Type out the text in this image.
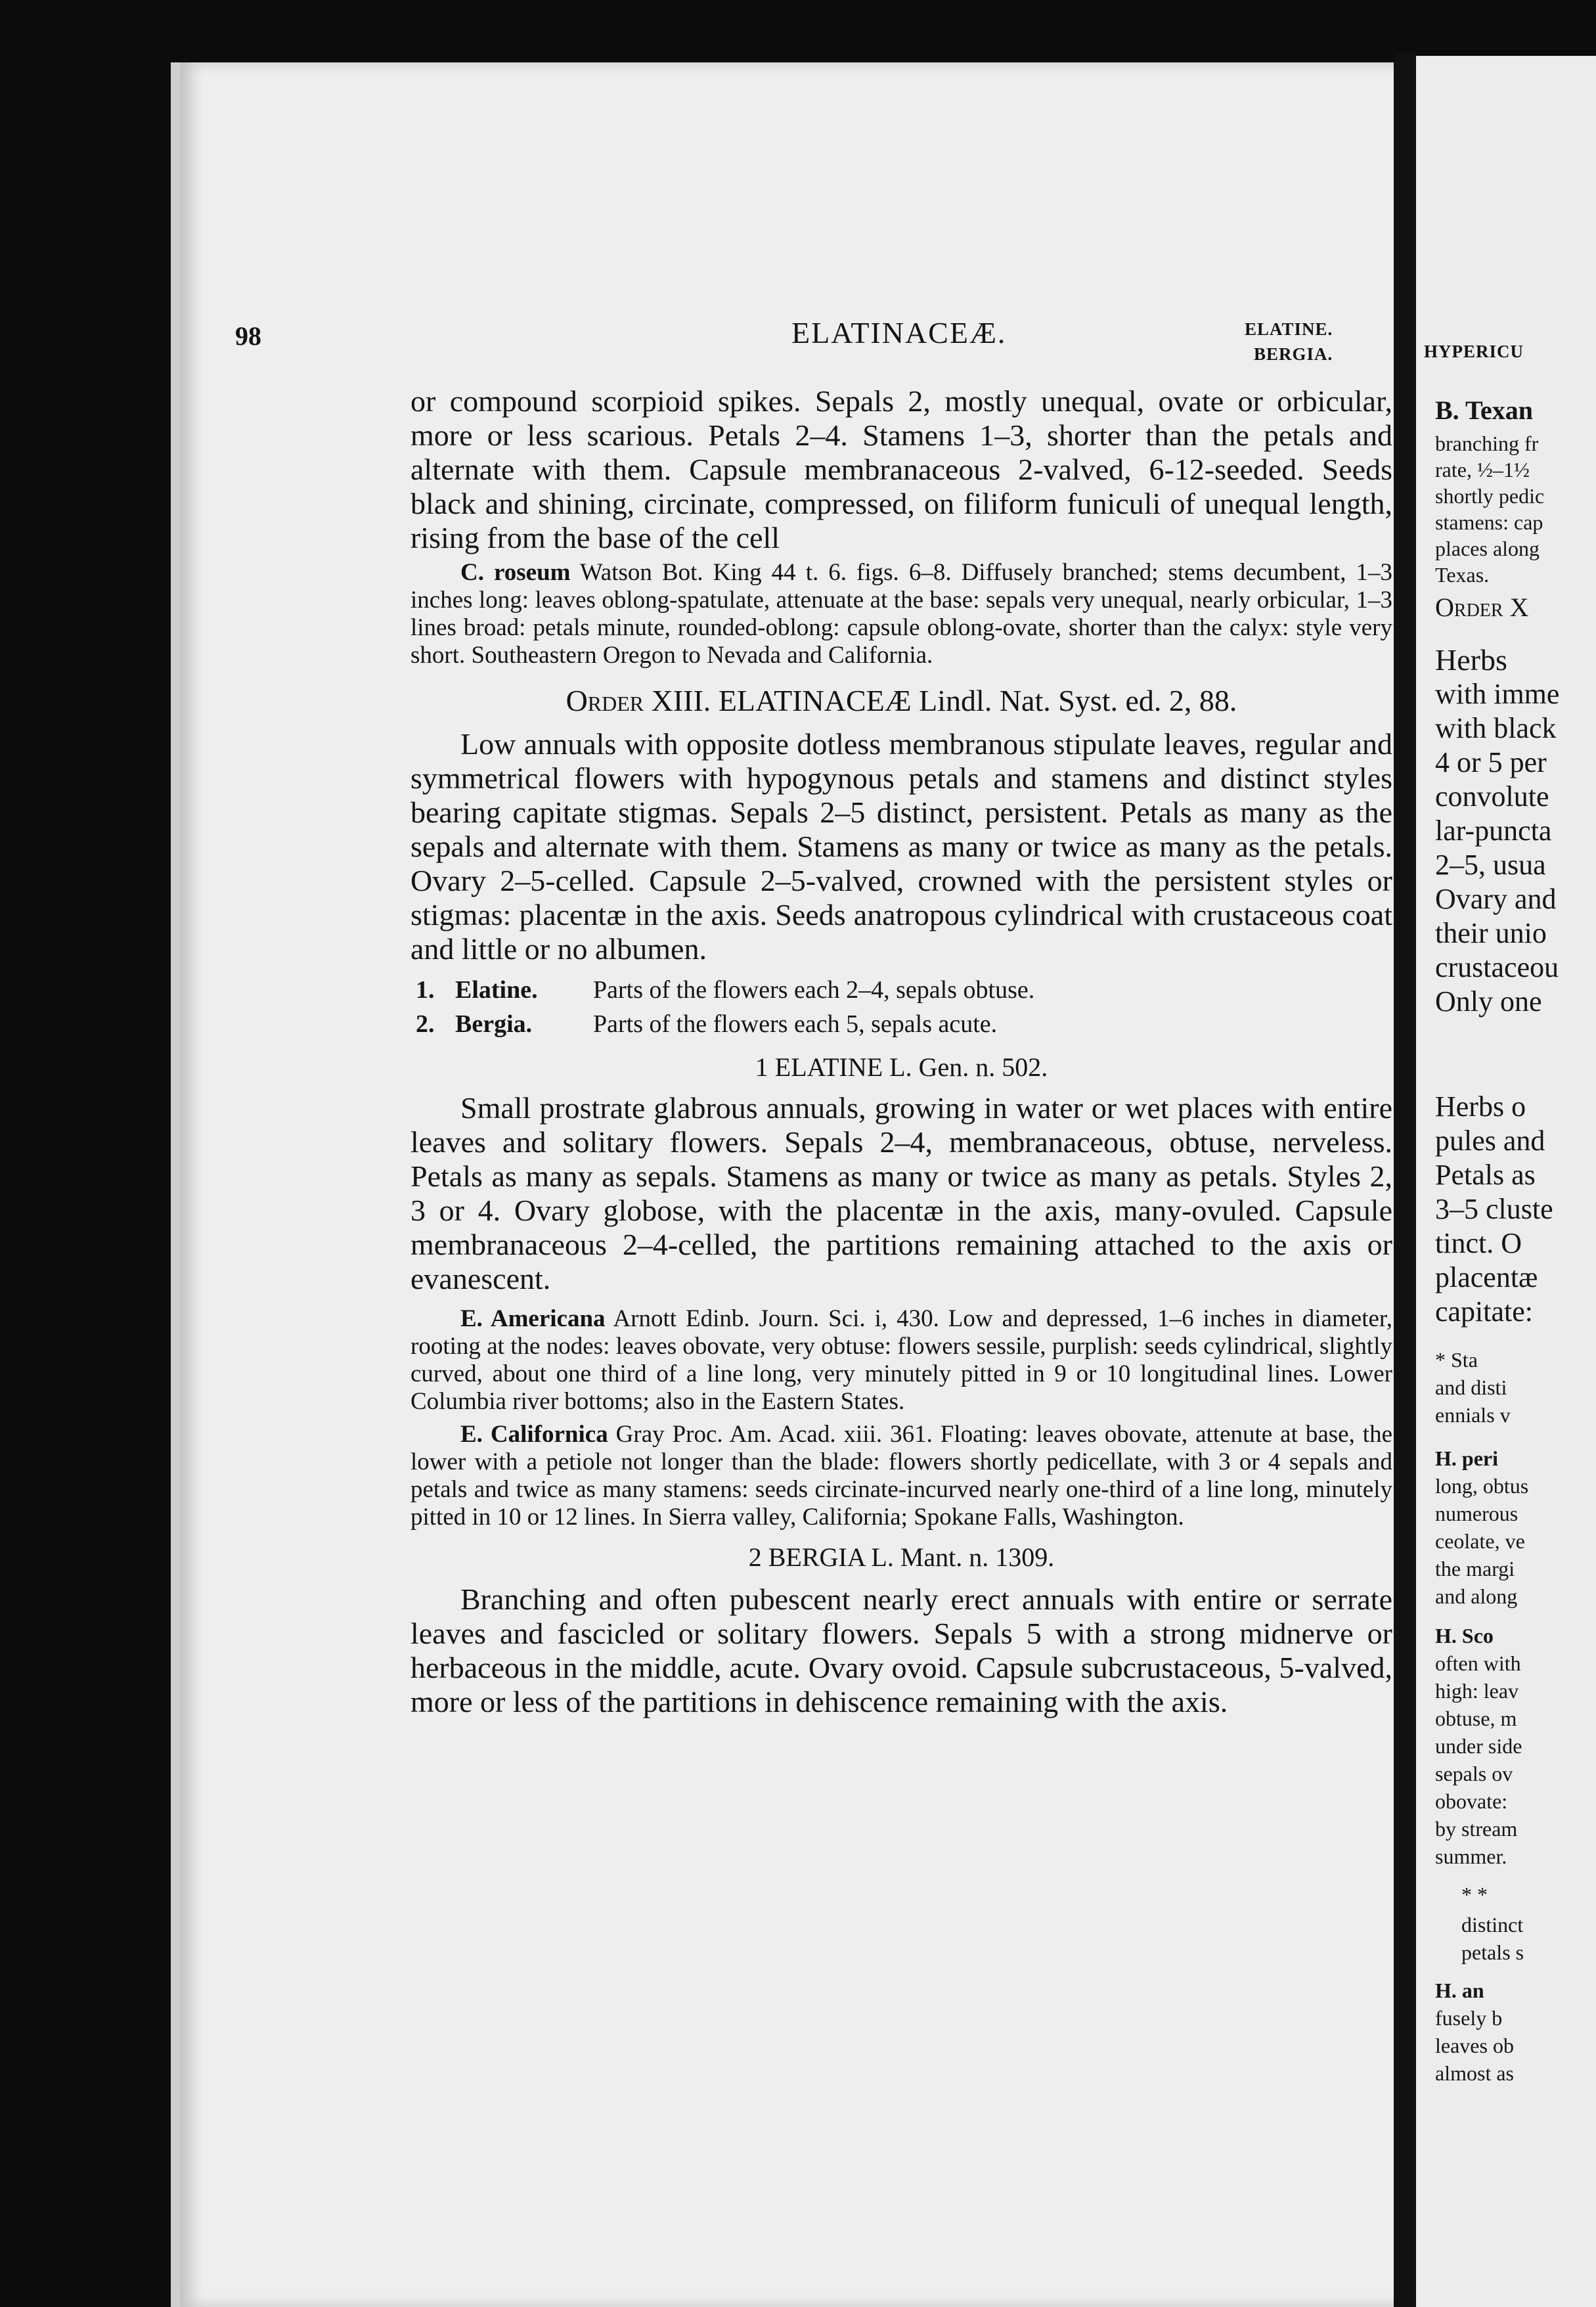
98	ELATINACEÆ.	ELATINE.
BERGIA.

or compound scorpioid spikes. Sepals 2, mostly unequal, ovate or orbicular, more or less scarious. Petals 2–4. Stamens 1–3, shorter than the petals and alternate with them. Capsule membranaceous 2-valved, 6-12-seeded. Seeds black and shining, circinate, compressed, on filiform funiculi of unequal length, rising from the base of the cell

C. roseum Watson Bot. King 44 t. 6. figs. 6–8. Diffusely branched; stems decumbent, 1–3 inches long: leaves oblong-spatulate, attenuate at the base: sepals very unequal, nearly orbicular, 1–3 lines broad: petals minute, rounded-oblong: capsule oblong-ovate, shorter than the calyx: style very short. Southeastern Oregon to Nevada and California.

Order XIII. ELATINACEÆ Lindl. Nat. Syst. ed. 2, 88.

Low annuals with opposite dotless membranous stipulate leaves, regular and symmetrical flowers with hypogynous petals and stamens and distinct styles bearing capitate stigmas. Sepals 2–5 distinct, persistent. Petals as many as the sepals and alternate with them. Stamens as many or twice as many as the petals. Ovary 2–5-celled. Capsule 2–5-valved, crowned with the persistent styles or stigmas: placentæ in the axis. Seeds anatropous cylindrical with crustaceous coat and little or no albumen.

1. Elatine. Parts of the flowers each 2–4, sepals obtuse.

2. Bergia. Parts of the flowers each 5, sepals acute.

1 ELATINE L. Gen. n. 502.

Small prostrate glabrous annuals, growing in water or wet places with entire leaves and solitary flowers. Sepals 2–4, membranaceous, obtuse, nerveless. Petals as many as sepals. Stamens as many or twice as many as petals. Styles 2, 3 or 4. Ovary globose, with the placentæ in the axis, many-ovuled. Capsule membranaceous 2–4-celled, the partitions remaining attached to the axis or evanescent.

E. Americana Arnott Edinb. Journ. Sci. i, 430. Low and depressed, 1–6 inches in diameter, rooting at the nodes: leaves obovate, very obtuse: flowers sessile, purplish: seeds cylindrical, slightly curved, about one third of a line long, very minutely pitted in 9 or 10 longitudinal lines. Lower Columbia river bottoms; also in the Eastern States.

E. Californica Gray Proc. Am. Acad. xiii. 361. Floating: leaves obovate, attenute at base, the lower with a petiole not longer than the blade: flowers shortly pedicellate, with 3 or 4 sepals and petals and twice as many stamens: seeds circinate-incurved nearly one-third of a line long, minutely pitted in 10 or 12 lines. In Sierra valley, California; Spokane Falls, Washington.

2 BERGIA L. Mant. n. 1309.

Branching and often pubescent nearly erect annuals with entire or serrate leaves and fascicled or solitary flowers. Sepals 5 with a strong midnerve or herbaceous in the middle, acute. Ovary ovoid. Capsule subcrustaceous, 5-valved, more or less of the partitions in dehiscence remaining with the axis.

HYPERICU
B. Texan
branching fr
rate, ½–1½
shortly pedic
stamens: cap
places along
Texas.
Order X
Herbs
with imme
with black
4 or 5 per
convolute
lar-puncta
2–5, usua
Ovary and
their unio
crustaceou
Only one
Herbs o
pules and
Petals as
3–5 cluste
tinct. O
placentæ
capitate:
* Sta
and disti
ennials v
H. peri
long, obtus
numerous
ceolate, ve
the margi
and along
H. Sco
often with
high: leav
obtuse, m
under side
sepals ov
obovate:
by stream
summer.
* *
distinct
petals s
H. an
fusely b
leaves ob
almost as
